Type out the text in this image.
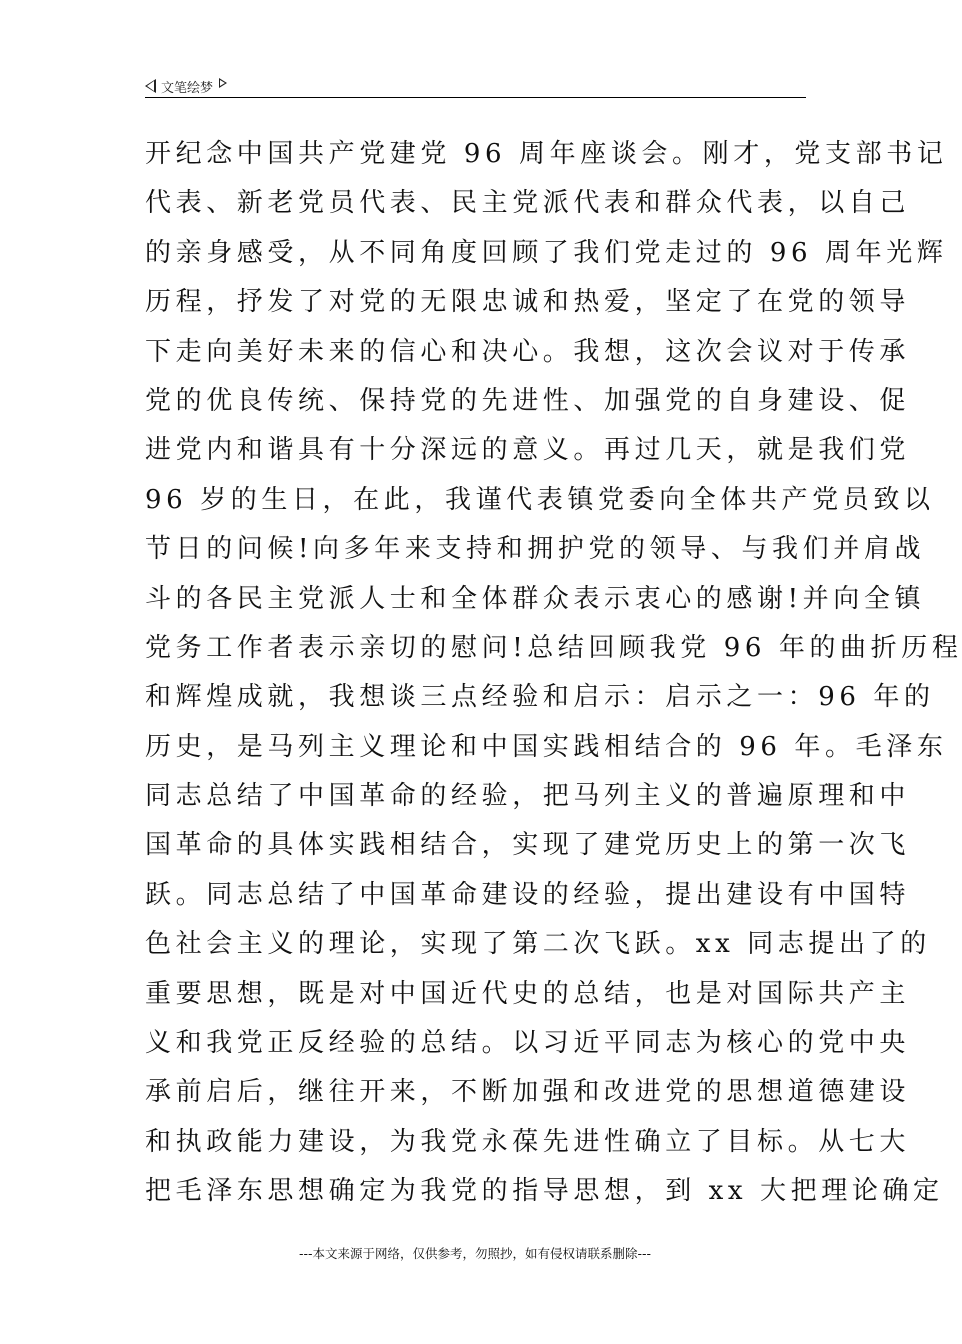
文笔绘梦
开纪念中国共产党建党 96 周年座谈会。刚才，党支部书记
代表、新老党员代表、民主党派代表和群众代表，以自己
的亲身感受，从不同角度回顾了我们党走过的 96 周年光辉
历程，抒发了对党的无限忠诚和热爱，坚定了在党的领导
下走向美好未来的信心和决心。我想，这次会议对于传承
党的优良传统、保持党的先进性、加强党的自身建设、促
进党内和谐具有十分深远的意义。再过几天，就是我们党
96 岁的生日，在此，我谨代表镇党委向全体共产党员致以
节日的问候!向多年来支持和拥护党的领导、与我们并肩战
斗的各民主党派人士和全体群众表示衷心的感谢!并向全镇
党务工作者表示亲切的慰问!总结回顾我党 96 年的曲折历程
和辉煌成就，我想谈三点经验和启示：启示之一：96 年的
历史，是马列主义理论和中国实践相结合的 96 年。毛泽东
同志总结了中国革命的经验，把马列主义的普遍原理和中
国革命的具体实践相结合，实现了建党历史上的第一次飞
跃。同志总结了中国革命建设的经验，提出建设有中国特
色社会主义的理论，实现了第二次飞跃。xx 同志提出了的
重要思想，既是对中国近代史的总结，也是对国际共产主
义和我党正反经验的总结。以习近平同志为核心的党中央
承前启后，继往开来，不断加强和改进党的思想道德建设
和执政能力建设，为我党永葆先进性确立了目标。从七大
把毛泽东思想确定为我党的指导思想，到 xx 大把理论确定
---本文来源于网络，仅供参考，勿照抄，如有侵权请联系删除---
